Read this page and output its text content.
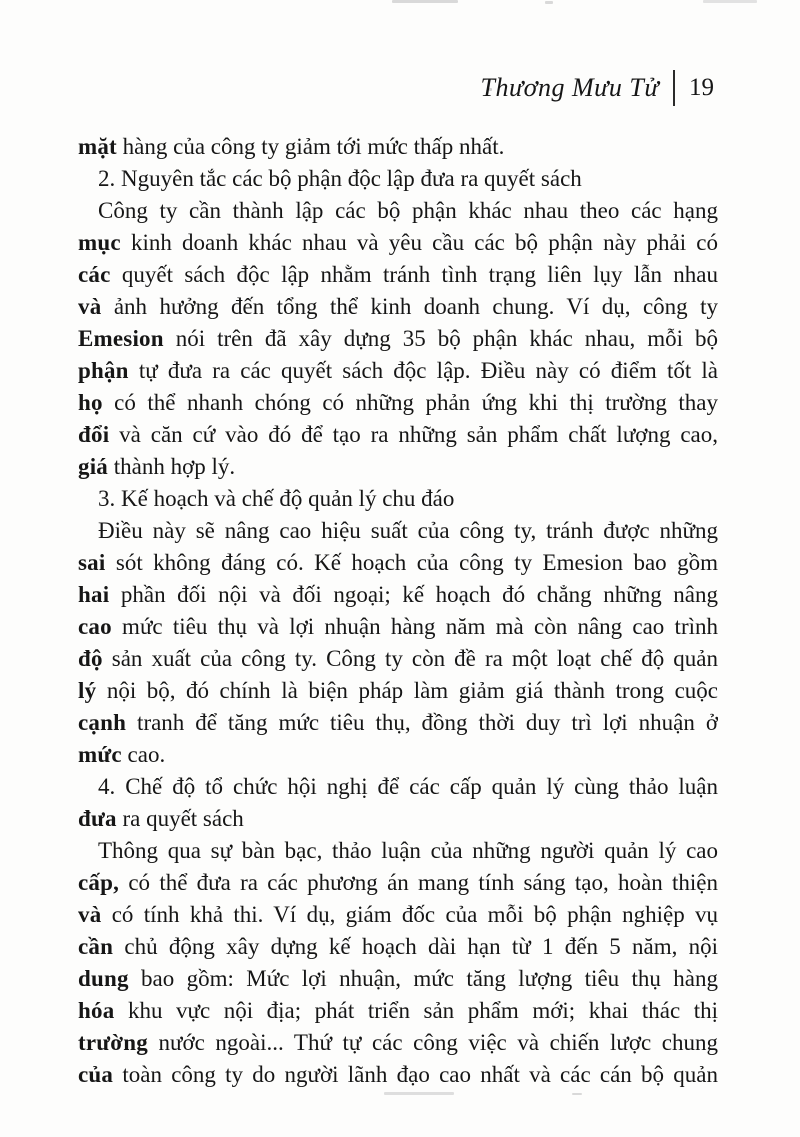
Thương Mưu Tử 19
mặt hàng của công ty giảm tới mức thấp nhất.
2. Nguyên tắc các bộ phận độc lập đưa ra quyết sách
Công ty cần thành lập các bộ phận khác nhau theo các hạng
mục kinh doanh khác nhau và yêu cầu các bộ phận này phải có
các quyết sách độc lập nhằm tránh tình trạng liên lụy lẫn nhau
và ảnh hưởng đến tổng thể kinh doanh chung. Ví dụ, công ty
Emesion nói trên đã xây dựng 35 bộ phận khác nhau, mỗi bộ
phận tự đưa ra các quyết sách độc lập. Điều này có điểm tốt là
họ có thể nhanh chóng có những phản ứng khi thị trường thay
đổi và căn cứ vào đó để tạo ra những sản phẩm chất lượng cao,
giá thành hợp lý.
3. Kế hoạch và chế độ quản lý chu đáo
Điều này sẽ nâng cao hiệu suất của công ty, tránh được những
sai sót không đáng có. Kế hoạch của công ty Emesion bao gồm
hai phần đối nội và đối ngoại; kế hoạch đó chẳng những nâng
cao mức tiêu thụ và lợi nhuận hàng năm mà còn nâng cao trình
độ sản xuất của công ty. Công ty còn đề ra một loạt chế độ quản
lý nội bộ, đó chính là biện pháp làm giảm giá thành trong cuộc
cạnh tranh để tăng mức tiêu thụ, đồng thời duy trì lợi nhuận ở
mức cao.
4. Chế độ tổ chức hội nghị để các cấp quản lý cùng thảo luận
đưa ra quyết sách
Thông qua sự bàn bạc, thảo luận của những người quản lý cao
cấp, có thể đưa ra các phương án mang tính sáng tạo, hoàn thiện
và có tính khả thi. Ví dụ, giám đốc của mỗi bộ phận nghiệp vụ
cần chủ động xây dựng kế hoạch dài hạn từ 1 đến 5 năm, nội
dung bao gồm: Mức lợi nhuận, mức tăng lượng tiêu thụ hàng
hóa khu vực nội địa; phát triển sản phẩm mới; khai thác thị
trường nước ngoài... Thứ tự các công việc và chiến lược chung
của toàn công ty do người lãnh đạo cao nhất và các cán bộ quản
